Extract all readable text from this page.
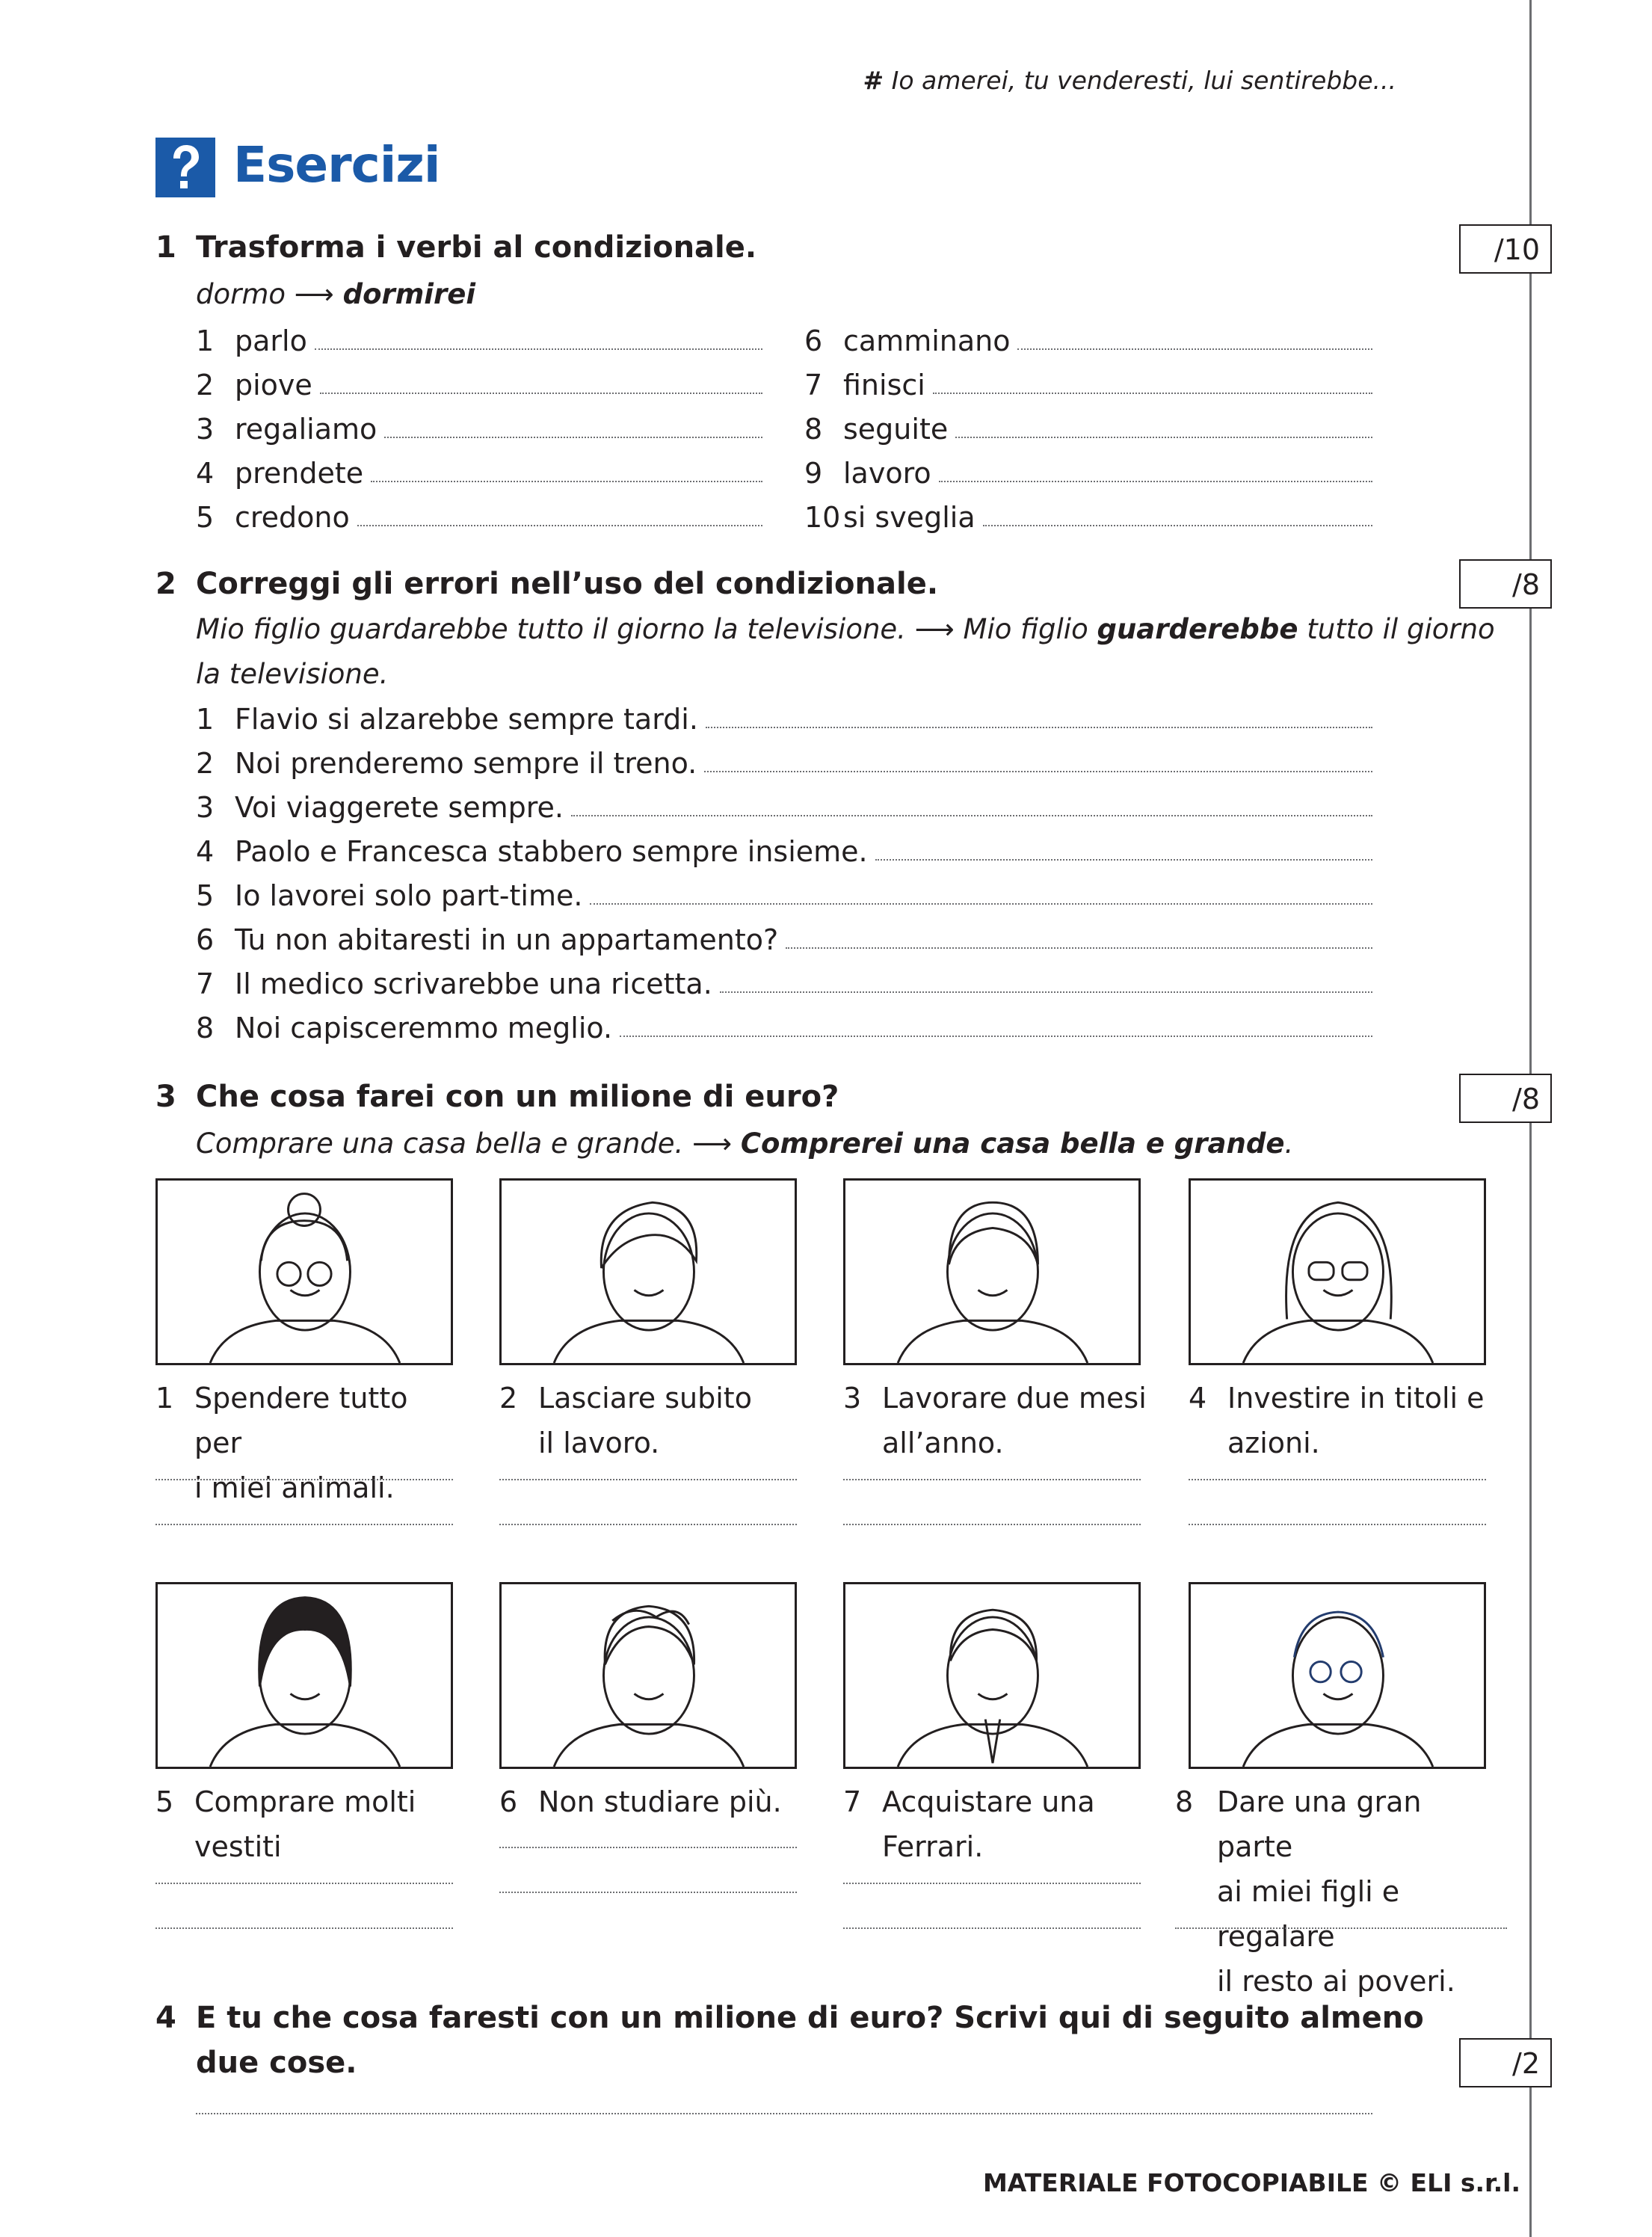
# Io amerei, tu venderesti, lui sentirebbe...
Esercizi
1 Trasforma i verbi al condizionale.	/10
dormo ⟶ dormirei
1 parlo
2 piove
3 regaliamo
4 prendete
5 credono
6 camminano
7 finisci
8 seguite
9 lavoro
10 si sveglia
2 Correggi gli errori nell’uso del condizionale.	/8
Mio figlio guardarebbe tutto il giorno la televisione. ⟶ Mio figlio guarderebbe tutto il giorno
la televisione.
1 Flavio si alzarebbe sempre tardi.
2 Noi prenderemo sempre il treno.
3 Voi viaggerete sempre.
4 Paolo e Francesca stabbero sempre insieme.
5 Io lavorei solo part-time.
6 Tu non abitaresti in un appartamento?
7 Il medico scrivarebbe una ricetta.
8 Noi capisceremmo meglio.
3 Che cosa farei con un milione di euro?	/8
Comprare una casa bella e grande. ⟶ Comprerei una casa bella e grande.
1 Spendere tutto per
i miei animali.
2 Lasciare subito
il lavoro.
3 Lavorare due mesi
all’anno.
4 Investire in titoli e
azioni.
5 Comprare molti
vestiti
6 Non studiare più.	7 Acquistare una
Ferrari.
8 Dare una gran parte
ai miei figli e regalare
il resto ai poveri.
4 E tu che cosa faresti con un milione di euro? Scrivi qui di seguito almeno
due cose.	/2
MATERIALE FOTOCOPIABILE © ELI s.r.l.
